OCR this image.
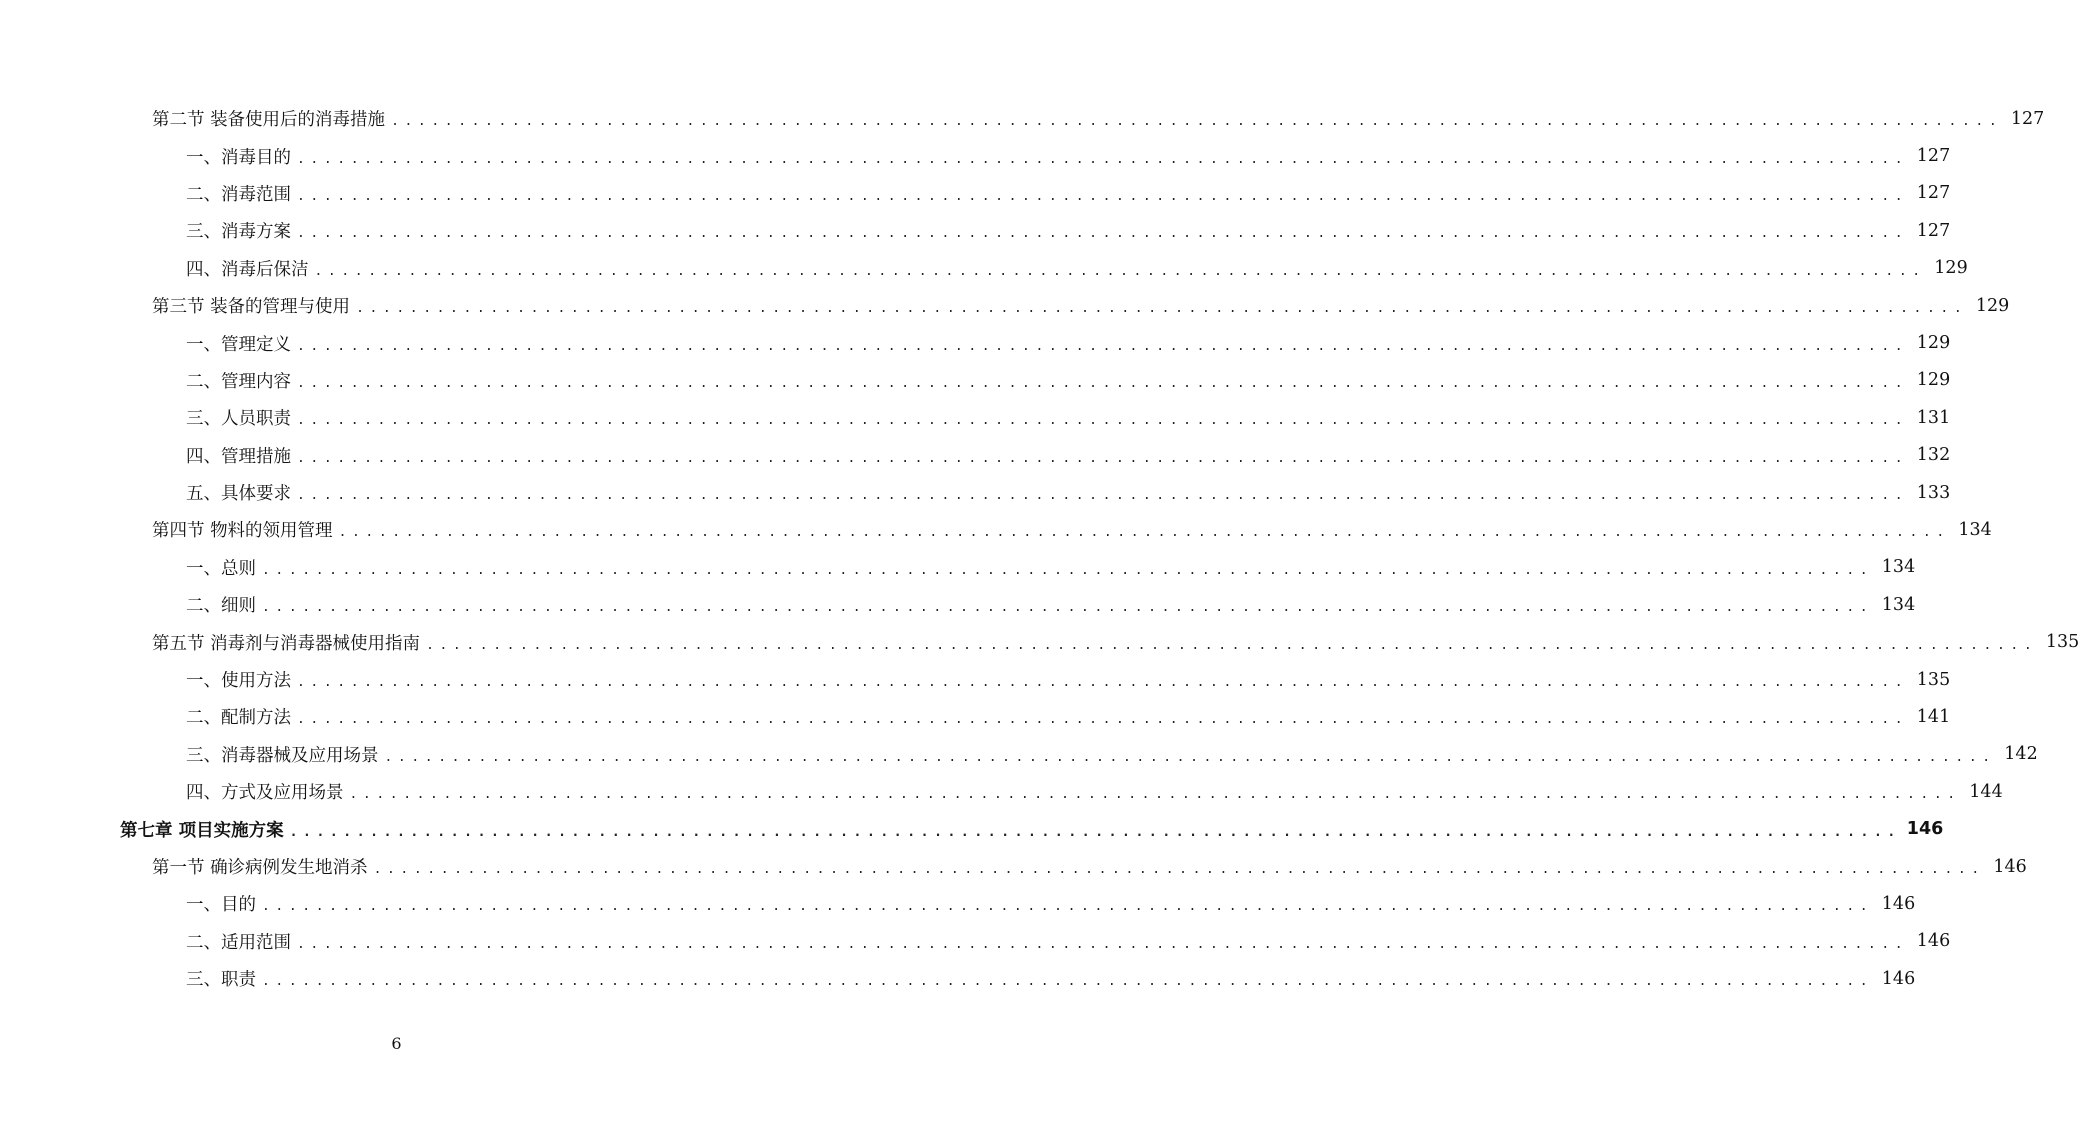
第二节 装备使用后的消毒措施 ........................................................................................................................ 127
一、消毒目的 ........................................................................................................................ 127
二、消毒范围 ........................................................................................................................ 127
三、消毒方案 ........................................................................................................................ 127
四、消毒后保洁 ........................................................................................................................ 129
第三节 装备的管理与使用 ........................................................................................................................ 129
一、管理定义 ........................................................................................................................ 129
二、管理内容 ........................................................................................................................ 129
三、人员职责 ........................................................................................................................ 131
四、管理措施 ........................................................................................................................ 132
五、具体要求 ........................................................................................................................ 133
第四节 物料的领用管理 ........................................................................................................................ 134
一、总则 ........................................................................................................................ 134
二、细则 ........................................................................................................................ 134
第五节 消毒剂与消毒器械使用指南 ........................................................................................................................ 135
一、使用方法 ........................................................................................................................ 135
二、配制方法 ........................................................................................................................ 141
三、消毒器械及应用场景 ........................................................................................................................ 142
四、方式及应用场景 ........................................................................................................................ 144
第七章 项目实施方案 ........................................................................................................................ 146
第一节 确诊病例发生地消杀 ........................................................................................................................ 146
一、目的 ........................................................................................................................ 146
二、适用范围 ........................................................................................................................ 146
三、职责 ........................................................................................................................ 146
6
